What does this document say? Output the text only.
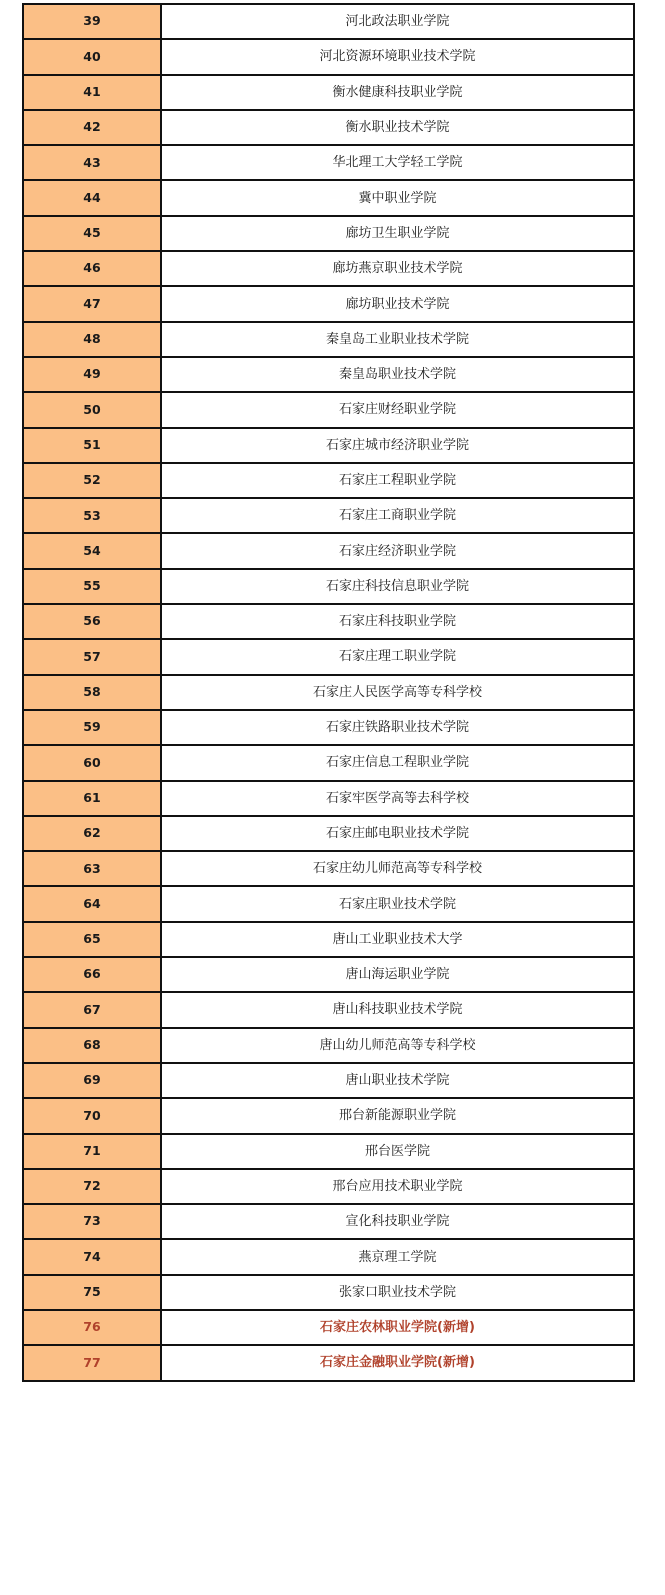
39	河北政法职业学院
40	河北资源环境职业技术学院
41	衡水健康科技职业学院
42	衡水职业技术学院
43	华北理工大学轻工学院
44	冀中职业学院
45	廊坊卫生职业学院
46	廊坊燕京职业技术学院
47	廊坊职业技术学院
48	秦皇岛工业职业技术学院
49	秦皇岛职业技术学院
50	石家庄财经职业学院
51	石家庄城市经济职业学院
52	石家庄工程职业学院
53	石家庄工商职业学院
54	石家庄经济职业学院
55	石家庄科技信息职业学院
56	石家庄科技职业学院
57	石家庄理工职业学院
58	石家庄人民医学高等专科学校
59	石家庄铁路职业技术学院
60	石家庄信息工程职业学院
61	石家牢医学高等去科学校
62	石家庄邮电职业技术学院
63	石家庄幼儿师范高等专科学校
64	石家庄职业技术学院
65	唐山工业职业技术大学
66	唐山海运职业学院
67	唐山科技职业技术学院
68	唐山幼儿师范高等专科学校
69	唐山职业技术学院
70	邢台新能源职业学院
71	邢台医学院
72	邢台应用技术职业学院
73	宣化科技职业学院
74	燕京理工学院
75	张家口职业技术学院
76	石家庄农林职业学院(新增)
77	石家庄金融职业学院(新增)
